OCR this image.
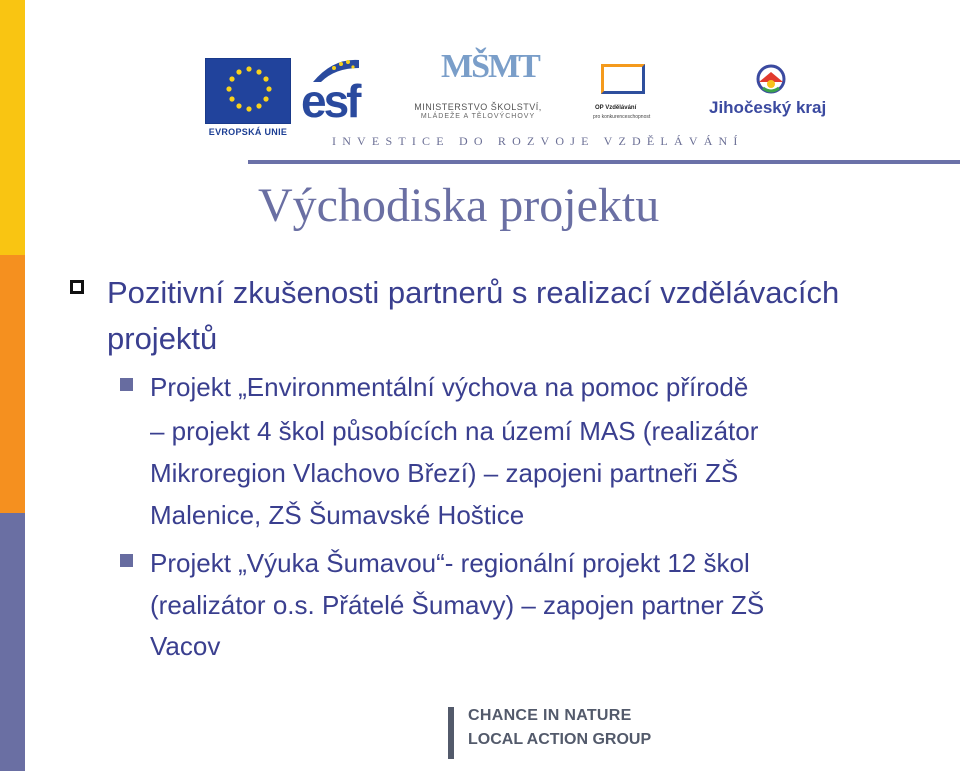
EVROPSKÁ UNIE
esf
MŠMT
MINISTERSTVO ŠKOLSTVÍ,
MLÁDEŽE A TĚLOVÝCHOVY
OP Vzdělávání
pro konkurenceschopnost	Jihočeský kraj
INVESTICE DO ROZVOJE VZDĚLÁVÁNÍ
Východiska projektu
Pozitivní zkušenosti partnerů s realizací vzdělávacích projektů
Projekt „Environmentální výchova na pomoc přírodě
– projekt 4 škol působících na území MAS (realizátor
Mikroregion Vlachovo Březí) – zapojeni partneři ZŠ
Malenice, ZŠ Šumavské Hoštice
Projekt „Výuka Šumavou“- regionální projekt 12 škol
(realizátor o.s. Přátelé Šumavy) – zapojen partner ZŠ
Vacov
CHANCE IN NATURE
LOCAL ACTION GROUP
